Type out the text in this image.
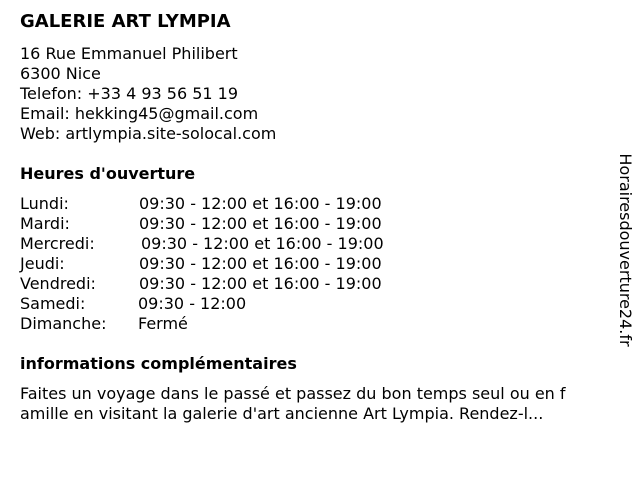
GALERIE ART LYMPIA
16 Rue Emmanuel Philibert
6300 Nice
Telefon: +33 4 93 56 51 19
Email: hekking45@gmail.com
Web: artlympia.site-solocal.com
Heures d'ouverture
Lundi:	09:30 - 12:00 et 16:00 - 19:00
Mardi:	09:30 - 12:00 et 16:00 - 19:00
Mercredi:	09:30 - 12:00 et 16:00 - 19:00
Jeudi:	09:30 - 12:00 et 16:00 - 19:00
Vendredi:	09:30 - 12:00 et 16:00 - 19:00
Samedi:	09:30 - 12:00
Dimanche: Fermé
informations complémentaires
Faites un voyage dans le passé et passez du bon temps seul ou en f
amille en visitant la galerie d'art ancienne Art Lympia. Rendez-l...
Horairesdouverture24.fr
